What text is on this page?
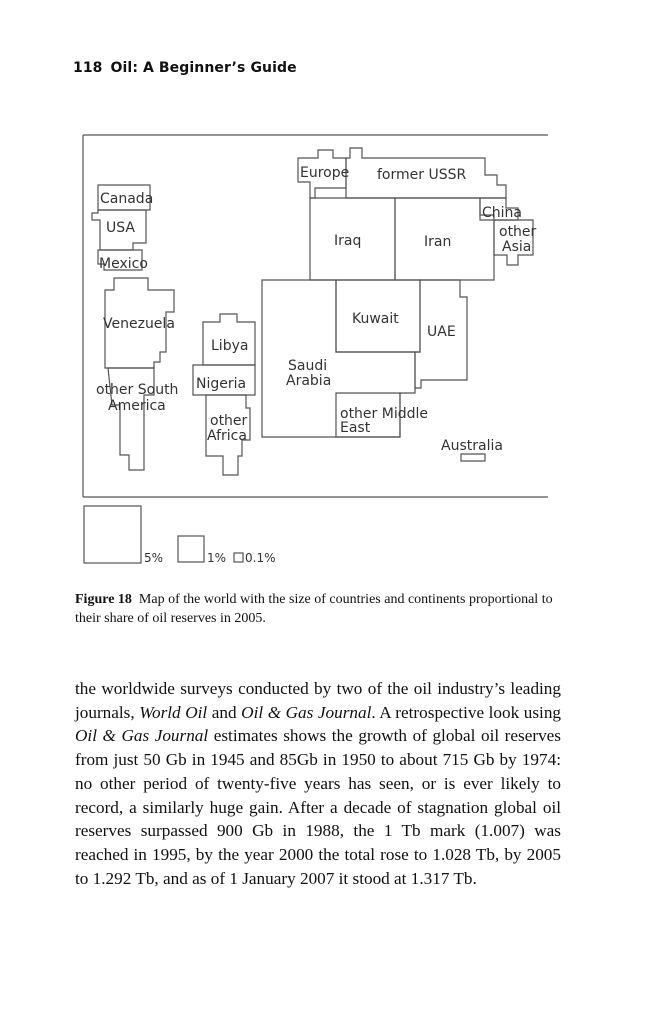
118 Oil: A Beginner’s Guide
Canada
USA
Mexico
Venezuela
other South
America
Libya
Nigeria
other
Africa
Europe former USSR
China
other
Asia
Iraq	Iran
Kuwait
UAE
Saudi
Arabia
other Middle
East
Australia
5%	1% 0.1%
Figure 18 Map of the world with the size of countries and continents proportional to their share of oil reserves in 2005.

the worldwide surveys conducted by two of the oil industry’s leading journals, World Oil and Oil & Gas Journal. A retrospective look using Oil & Gas Journal estimates shows the growth of global oil reserves from just 50 Gb in 1945 and 85Gb in 1950 to about 715 Gb by 1974: no other period of twenty-five years has seen, or is ever likely to record, a similarly huge gain. After a decade of stagnation global oil reserves surpassed 900 Gb in 1988, the 1 Tb mark (1.007) was reached in 1995, by the year 2000 the total rose to 1.028 Tb, by 2005 to 1.292 Tb, and as of 1 January 2007 it stood at 1.317 Tb.
